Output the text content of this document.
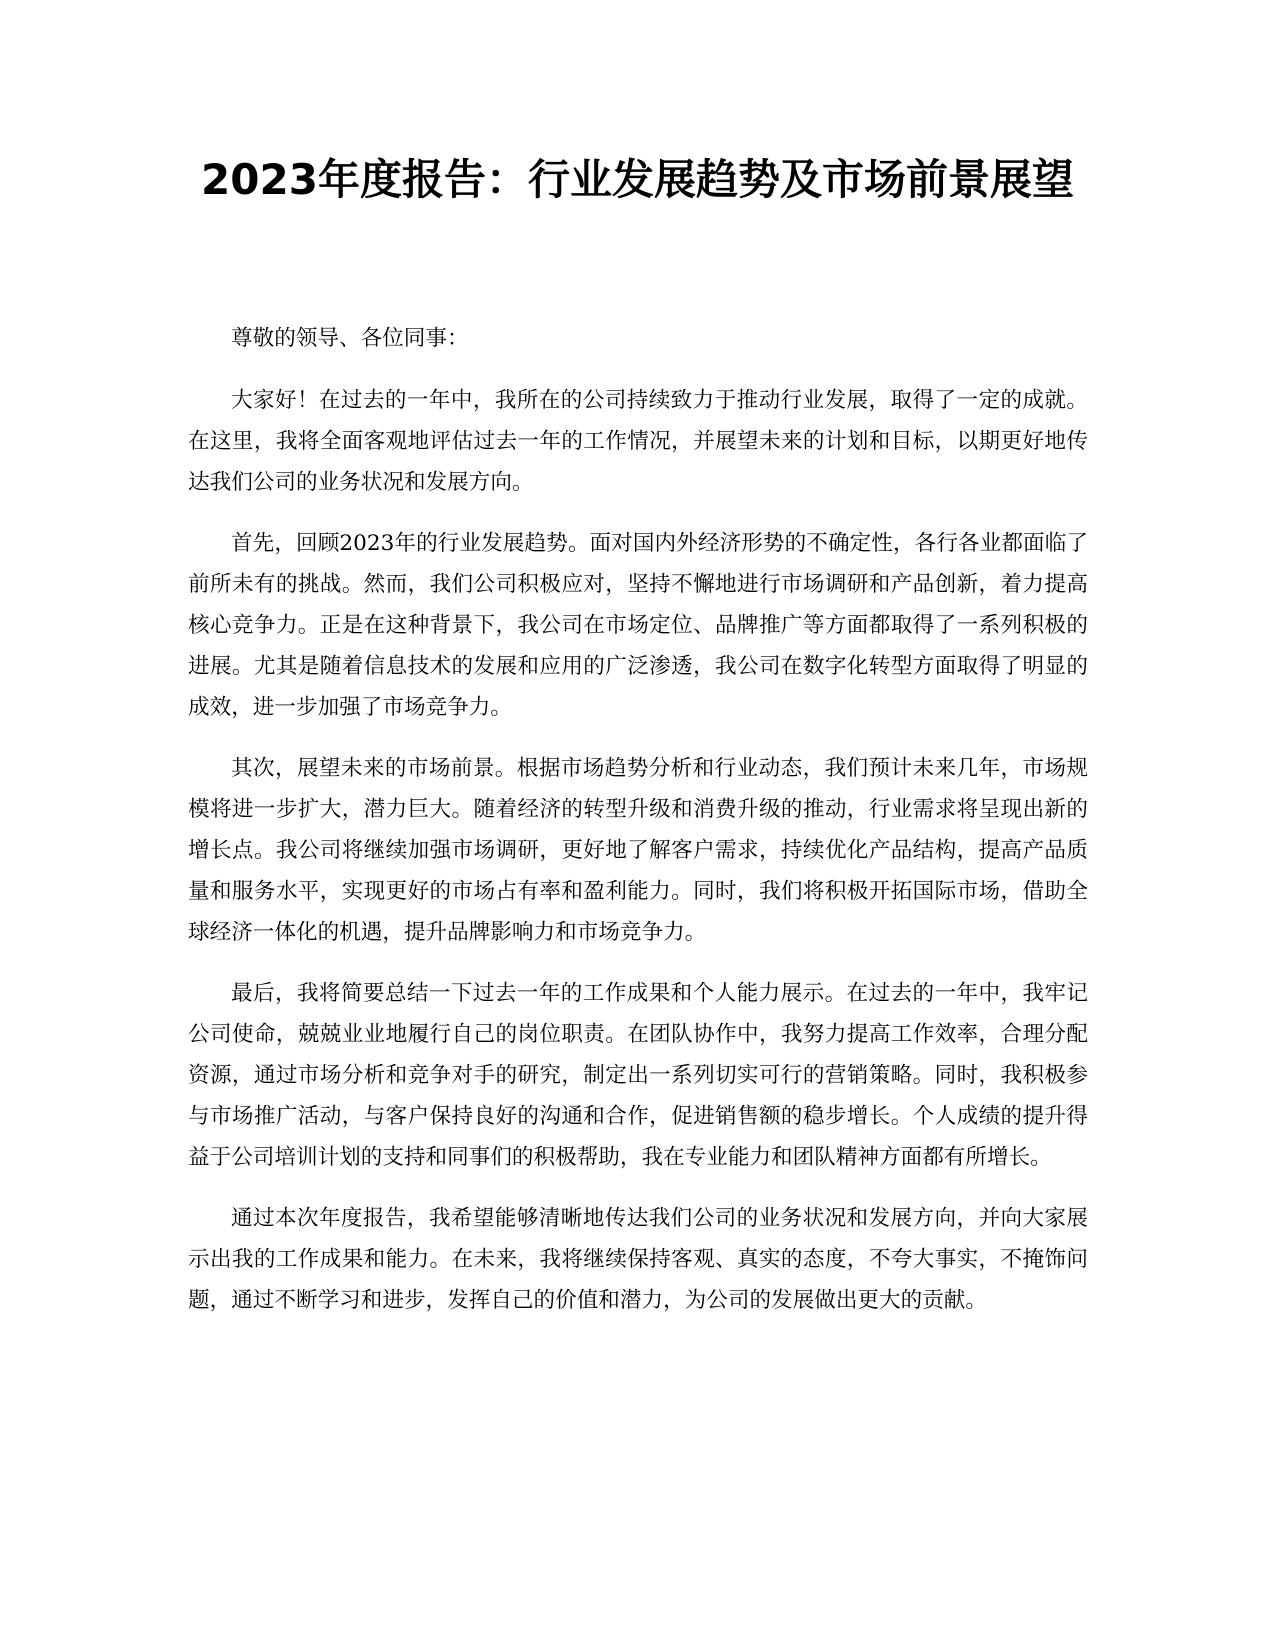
2023年度报告：行业发展趋势及市场前景展望

尊敬的领导、各位同事：

大家好！在过去的一年中，我所在的公司持续致力于推动行业发展，取得了一定的成就。在这里，我将全面客观地评估过去一年的工作情况，并展望未来的计划和目标，以期更好地传达我们公司的业务状况和发展方向。

首先，回顾2023年的行业发展趋势。面对国内外经济形势的不确定性，各行各业都面临了前所未有的挑战。然而，我们公司积极应对，坚持不懈地进行市场调研和产品创新，着力提高核心竞争力。正是在这种背景下，我公司在市场定位、品牌推广等方面都取得了一系列积极的进展。尤其是随着信息技术的发展和应用的广泛渗透，我公司在数字化转型方面取得了明显的成效，进一步加强了市场竞争力。

其次，展望未来的市场前景。根据市场趋势分析和行业动态，我们预计未来几年，市场规模将进一步扩大，潜力巨大。随着经济的转型升级和消费升级的推动，行业需求将呈现出新的增长点。我公司将继续加强市场调研，更好地了解客户需求，持续优化产品结构，提高产品质量和服务水平，实现更好的市场占有率和盈利能力。同时，我们将积极开拓国际市场，借助全球经济一体化的机遇，提升品牌影响力和市场竞争力。

最后，我将简要总结一下过去一年的工作成果和个人能力展示。在过去的一年中，我牢记公司使命，兢兢业业地履行自己的岗位职责。在团队协作中，我努力提高工作效率，合理分配资源，通过市场分析和竞争对手的研究，制定出一系列切实可行的营销策略。同时，我积极参与市场推广活动，与客户保持良好的沟通和合作，促进销售额的稳步增长。个人成绩的提升得益于公司培训计划的支持和同事们的积极帮助，我在专业能力和团队精神方面都有所增长。

通过本次年度报告，我希望能够清晰地传达我们公司的业务状况和发展方向，并向大家展示出我的工作成果和能力。在未来，我将继续保持客观、真实的态度，不夸大事实，不掩饰问题，通过不断学习和进步，发挥自己的价值和潜力，为公司的发展做出更大的贡献。
